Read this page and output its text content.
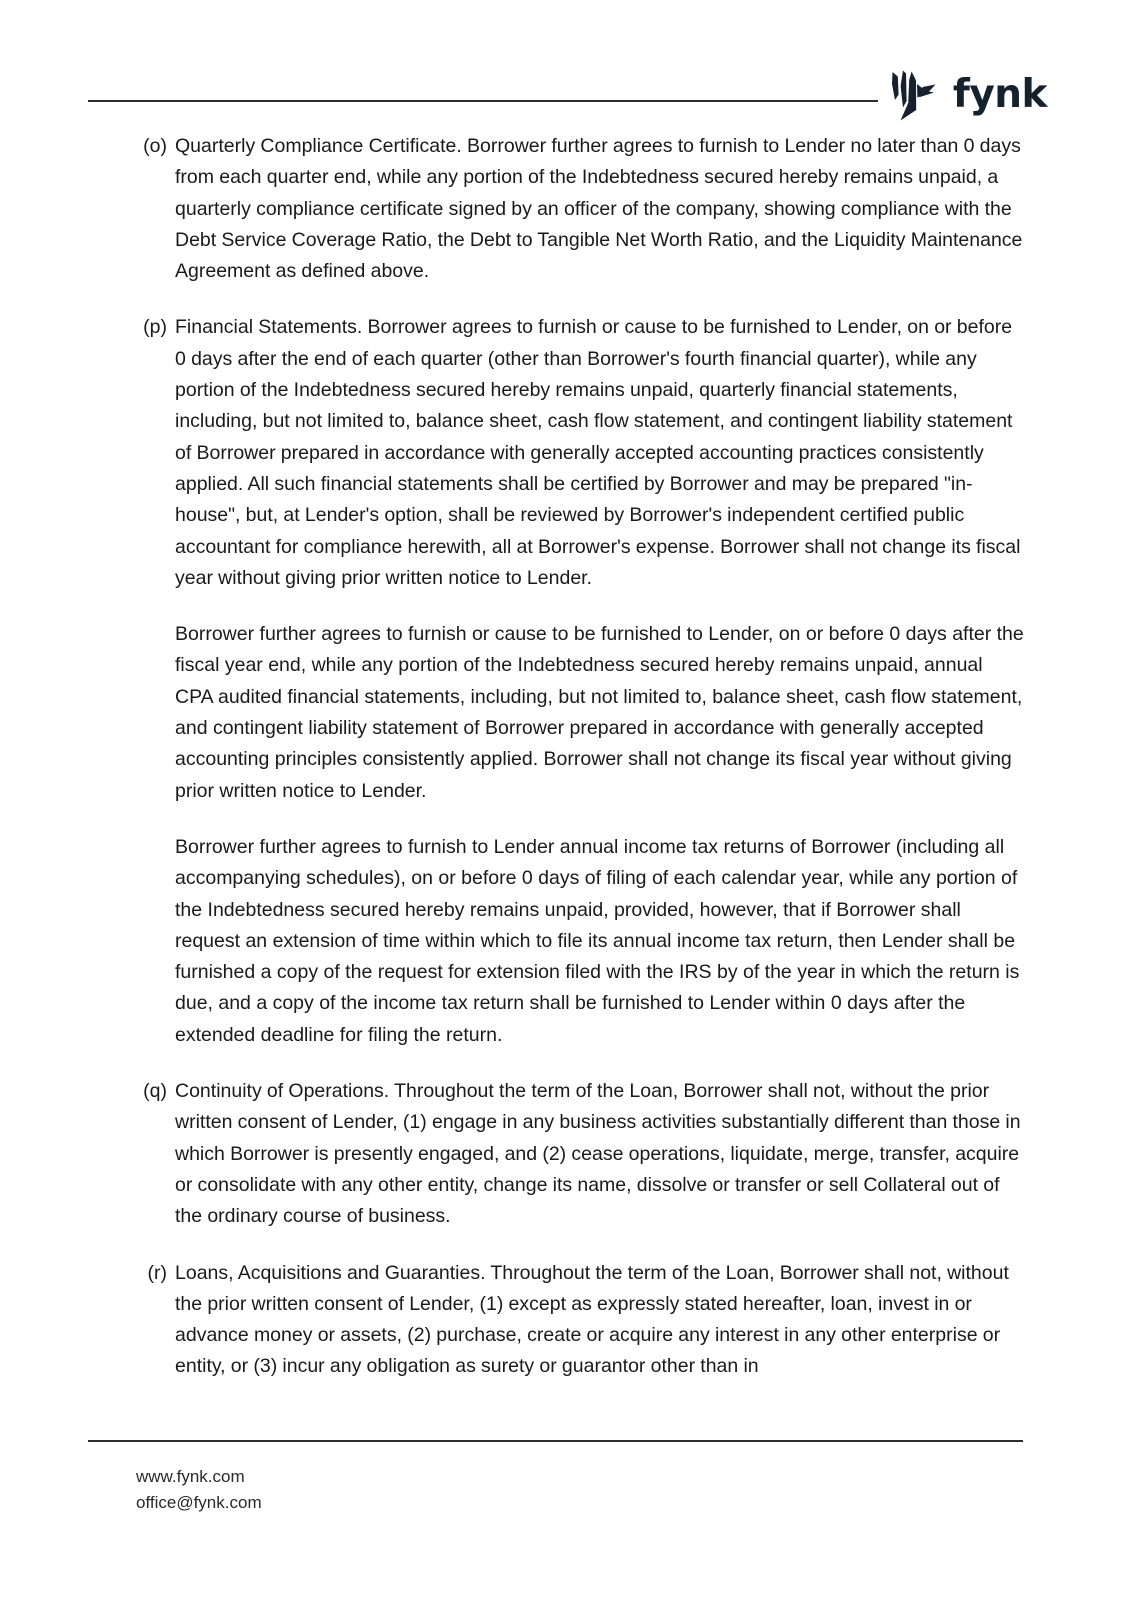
fynk
(o) Quarterly Compliance Certificate. Borrower further agrees to furnish to Lender no later than 0 days from each quarter end, while any portion of the Indebtedness secured hereby remains unpaid, a quarterly compliance certificate signed by an officer of the company, showing compliance with the Debt Service Coverage Ratio, the Debt to Tangible Net Worth Ratio, and the Liquidity Maintenance Agreement as defined above.
(p) Financial Statements. Borrower agrees to furnish or cause to be furnished to Lender, on or before 0 days after the end of each quarter (other than Borrower's fourth financial quarter), while any portion of the Indebtedness secured hereby remains unpaid, quarterly financial statements, including, but not limited to, balance sheet, cash flow statement, and contingent liability statement of Borrower prepared in accordance with generally accepted accounting practices consistently applied. All such financial statements shall be certified by Borrower and may be prepared "in-house", but, at Lender's option, shall be reviewed by Borrower's independent certified public accountant for compliance herewith, all at Borrower's expense. Borrower shall not change its fiscal year without giving prior written notice to Lender.
Borrower further agrees to furnish or cause to be furnished to Lender, on or before 0 days after the fiscal year end, while any portion of the Indebtedness secured hereby remains unpaid, annual CPA audited financial statements, including, but not limited to, balance sheet, cash flow statement, and contingent liability statement of Borrower prepared in accordance with generally accepted accounting principles consistently applied. Borrower shall not change its fiscal year without giving prior written notice to Lender.
Borrower further agrees to furnish to Lender annual income tax returns of Borrower (including all accompanying schedules), on or before 0 days of filing of each calendar year, while any portion of the Indebtedness secured hereby remains unpaid, provided, however, that if Borrower shall request an extension of time within which to file its annual income tax return, then Lender shall be furnished a copy of the request for extension filed with the IRS by of the year in which the return is due, and a copy of the income tax return shall be furnished to Lender within 0 days after the extended deadline for filing the return.
(q) Continuity of Operations. Throughout the term of the Loan, Borrower shall not, without the prior written consent of Lender, (1) engage in any business activities substantially different than those in which Borrower is presently engaged, and (2) cease operations, liquidate, merge, transfer, acquire or consolidate with any other entity, change its name, dissolve or transfer or sell Collateral out of the ordinary course of business.
(r) Loans, Acquisitions and Guaranties. Throughout the term of the Loan, Borrower shall not, without the prior written consent of Lender, (1) except as expressly stated hereafter, loan, invest in or advance money or assets, (2) purchase, create or acquire any interest in any other enterprise or entity, or (3) incur any obligation as surety or guarantor other than in
www.fynk.com
office@fynk.com
